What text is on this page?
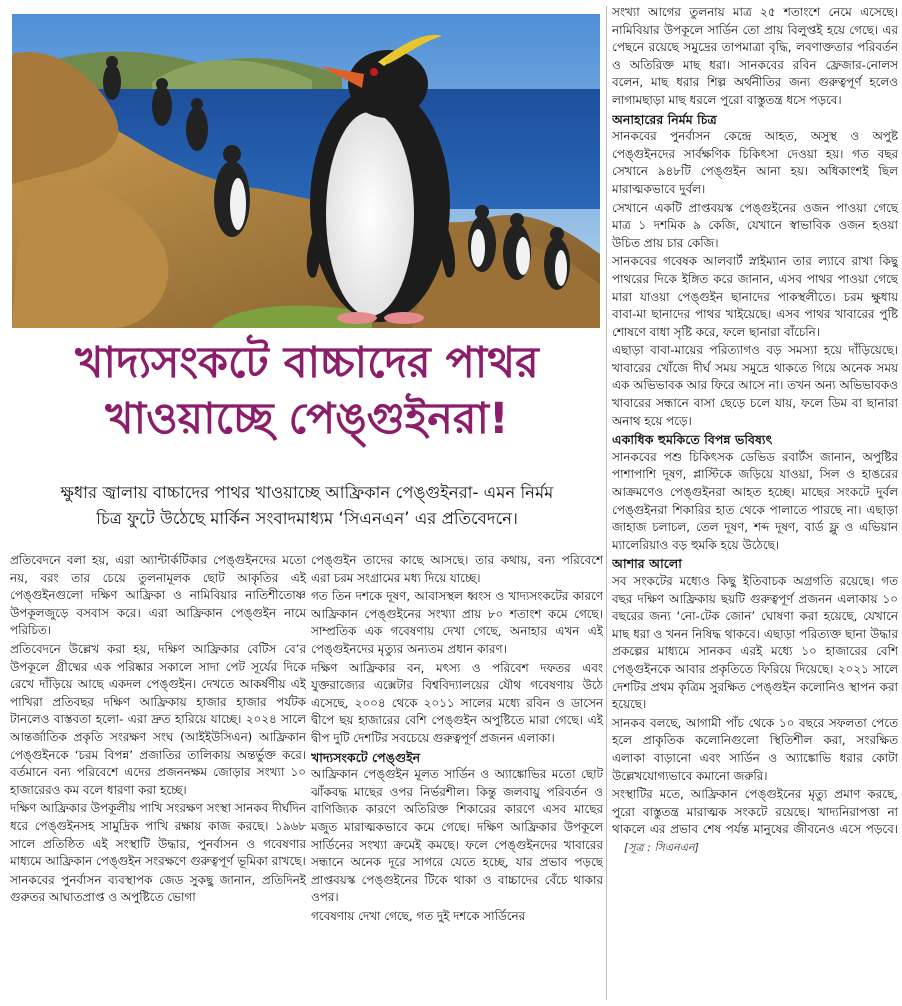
খাদ্যসংকটে বাচ্চাদের পাথর
খাওয়াচ্ছে পেঙ্গুইনরা!
ক্ষুধার জ্বালায় বাচ্চাদের পাথর খাওয়াচ্ছে আফ্রিকান পেঙ্গুইনরা- এমন নির্মম
চিত্র ফুটে উঠেছে মার্কিন সংবাদমাধ্যম ‘সিএনএন’ এর প্রতিবেদনে।

প্রতিবেদনে বলা হয়, এরা অ্যান্টার্কটিকার পেঙ্গুইনদের মতো নয়, বরং তার চেয়ে তুলনামূলক ছোট আকৃতির এই পেঙ্গুইনগুলো দক্ষিণ আফ্রিকা ও নামিবিয়ার নাতিশীতোষ্ণ উপকূলজুড়ে বসবাস করে। এরা আফ্রিকান পেঙ্গুইন নামে পরিচিত।

প্রতিবেদনে উল্লেখ করা হয়, দক্ষিণ আফ্রিকার বেটিস বে’র উপকূলে গ্রীষ্মের এক পরিষ্কার সকালে সাদা পেট সূর্যের দিকে রেখে দাঁড়িয়ে আছে একদল পেঙ্গুইন। দেখতে আকর্ষণীয় এই পাখিরা প্রতিবছর দক্ষিণ আফ্রিকায় হাজার হাজার পর্যটক টানলেও বাস্তবতা হলো- এরা দ্রুত হারিয়ে যাচ্ছে। ২০২৪ সালে আন্তর্জাতিক প্রকৃতি সংরক্ষণ সংঘ (আইইউসিএন) আফ্রিকান পেঙ্গুইনকে ‘চরম বিপন্ন’ প্রজাতির তালিকায় অন্তর্ভুক্ত করে। বর্তমানে বন্য পরিবেশে এদের প্রজননক্ষম জোড়ার সংখ্যা ১০ হাজারেরও কম বলে ধারণা করা হচ্ছে।

দক্ষিণ আফ্রিকার উপকূলীয় পাখি সংরক্ষণ সংস্থা সানকব দীর্ঘদিন ধরে পেঙ্গুইনসহ সামুদ্রিক পাখি রক্ষায় কাজ করছে। ১৯৬৮ সালে প্রতিষ্ঠিত এই সংস্থাটি উদ্ধার, পুনর্বাসন ও গবেষণার মাধ্যমে আফ্রিকান পেঙ্গুইন সংরক্ষণে গুরুত্বপূর্ণ ভূমিকা রাখছে।

সানকবের পুনর্বাসন ব্যবস্থাপক জেড সুকছু জানান, প্রতিদিনই গুরুতর আঘাতপ্রাপ্ত ও অপুষ্টিতে ভোগা

পেঙ্গুইন তাদের কাছে আসছে। তার কথায়, বন্য পরিবেশে এরা চরম সংগ্রামের মধ্য দিয়ে যাচ্ছে।

গত তিন দশকে দূষণ, আবাসস্থল ধ্বংস ও খাদ্যসংকটের কারণে আফ্রিকান পেঙ্গুইনের সংখ্যা প্রায় ৮০ শতাংশ কমে গেছে। সাম্প্রতিক এক গবেষণায় দেখা গেছে, অনাহার এখন এই পেঙ্গুইনদের মৃত্যুর অন্যতম প্রধান কারণ।

দক্ষিণ আফ্রিকার বন, মৎস্য ও পরিবেশ দফতর এবং যুক্তরাজ্যের এক্সেটার বিশ্ববিদ্যালয়ের যৌথ গবেষণায় উঠে এসেছে, ২০০৪ থেকে ২০১১ সালের মধ্যে রবিন ও ডাসেন দ্বীপে ছয় হাজারের বেশি পেঙ্গুইন অপুষ্টিতে মারা গেছে। এই দ্বীপ দুটি দেশটির সবচেয়ে গুরুত্বপূর্ণ প্রজনন এলাকা।

খাদ্যসংকটে পেঙ্গুইন

আফ্রিকান পেঙ্গুইন মূলত সার্ডিন ও অ্যাঙ্কোভির মতো ছোট ঝাঁকবদ্ধ মাছের ওপর নির্ভরশীল। কিন্তু জলবায়ু পরিবর্তন ও বাণিজ্যিক কারণে অতিরিক্ত শিকারের কারণে এসব মাছের মজুত মারাত্মকভাবে কমে গেছে। দক্ষিণ আফ্রিকার উপকূলে সার্ডিনের সংখ্যা ক্রমেই কমছে। ফলে পেঙ্গুইনদের খাবারের সন্ধানে অনেক দূরে সাগরে যেতে হচ্ছে, যার প্রভাব পড়ছে প্রাপ্তবয়স্ক পেঙ্গুইনের টিকে থাকা ও বাচ্চাদের বেঁচে থাকার ওপর।

গবেষণায় দেখা গেছে, গত দুই দশকে সার্ডিনের

সংখ্যা আগের তুলনায় মাত্র ২৫ শতাংশে নেমে এসেছে। নামিবিয়ার উপকূলে সার্ডিন তো প্রায় বিলুপ্তই হয়ে গেছে। এর পেছনে রয়েছে সমুদ্রের তাপমাত্রা বৃদ্ধি, লবণাক্ততার পরিবর্তন ও অতিরিক্ত মাছ ধরা। সানকবের রবিন ফ্রেজার-নোলস বলেন, মাছ ধরার শিল্প অর্থনীতির জন্য গুরুত্বপূর্ণ হলেও লাগামছাড়া মাছ ধরলে পুরো বাস্তুতন্ত্র ধসে পড়বে।

অনাহারের নির্মম চিত্র

সানকবের পুনর্বাসন কেন্দ্রে আহত, অসুস্থ ও অপুষ্ট পেঙ্গুইনদের সার্বক্ষণিক চিকিৎসা দেওয়া হয়। গত বছর সেখানে ৯৪৮টি পেঙ্গুইন আনা হয়। অধিকাংশই ছিল মারাত্মকভাবে দুর্বল।

সেখানে একটি প্রাপ্তবয়স্ক পেঙ্গুইনের ওজন পাওয়া গেছে মাত্র ১ দশমিক ৯ কেজি, যেখানে স্বাভাবিক ওজন হওয়া উচিত প্রায় চার কেজি।

সানকবের গবেষক আলবার্ট স্নাইম্যান তার ল্যাবে রাখা কিছু পাথরের দিকে ইঙ্গিত করে জানান, এসব পাথর পাওয়া গেছে মারা যাওয়া পেঙ্গুইন ছানাদের পাকস্থলীতে। চরম ক্ষুধায় বাবা-মা ছানাদের পাথর খাইয়েছে। এসব পাথর খাবারের পুষ্টি শোষণে বাধা সৃষ্টি করে, ফলে ছানারা বাঁচেনি।

এছাড়া বাবা-মায়ের পরিত্যাগও বড় সমস্যা হয়ে দাঁড়িয়েছে। খাবারের খোঁজে দীর্ঘ সময় সমুদ্রে থাকতে গিয়ে অনেক সময় এক অভিভাবক আর ফিরে আসে না। তখন অন্য অভিভাবকও খাবারের সন্ধানে বাসা ছেড়ে চলে যায়, ফলে ডিম বা ছানারা অনাথ হয়ে পড়ে।

একাধিক হুমকিতে বিপন্ন ভবিষ্যৎ

সানকবের পশু চিকিৎসক ডেভিড রবার্টস জানান, অপুষ্টির পাশাপাশি দূষণ, প্লাস্টিকে জড়িয়ে যাওয়া, সিল ও হাঙরের আক্রমণেও পেঙ্গুইনরা আহত হচ্ছে। মাছের সংকটে দুর্বল পেঙ্গুইনরা শিকারির হাত থেকে পালাতে পারছে না। এছাড়া জাহাজ চলাচল, তেল দূষণ, শব্দ দূষণ, বার্ড ফ্লু ও এভিয়ান ম্যালেরিয়াও বড় হুমকি হয়ে উঠেছে।

আশার আলো

সব সংকটের মধ্যেও কিছু ইতিবাচক অগ্রগতি রয়েছে। গত বছর দক্ষিণ আফ্রিকায় ছয়টি গুরুত্বপূর্ণ প্রজনন এলাকায় ১০ বছরের জন্য ‘নো-টেক জোন’ ঘোষণা করা হয়েছে, যেখানে মাছ ধরা ও খনন নিষিদ্ধ থাকবে। এছাড়া পরিত্যক্ত ছানা উদ্ধার প্রকল্পের মাধ্যমে সানকব এরই মধ্যে ১০ হাজারের বেশি পেঙ্গুইনকে আবার প্রকৃতিতে ফিরিয়ে দিয়েছে। ২০২১ সালে দেশটির প্রথম কৃত্রিম সুরক্ষিত পেঙ্গুইন কলোনিও স্থাপন করা হয়েছে।

সানকব বলছে, আগামী পাঁচ থেকে ১০ বছরে সফলতা পেতে হলে প্রাকৃতিক কলোনিগুলো স্থিতিশীল করা, সংরক্ষিত এলাকা বাড়ানো এবং সার্ডিন ও অ্যাঙ্কোভি ধরার কোটা উল্লেখযোগ্যভাবে কমানো জরুরি।

সংস্থাটির মতে, আফ্রিকান পেঙ্গুইনের মৃত্যু প্রমাণ করছে, পুরো বাস্তুতন্ত্র মারাত্মক সংকটে রয়েছে। খাদ্যনিরাপত্তা না থাকলে এর প্রভাব শেষ পর্যন্ত মানুষের জীবনেও এসে পড়বে।[সূত্র : সিএনএন]
